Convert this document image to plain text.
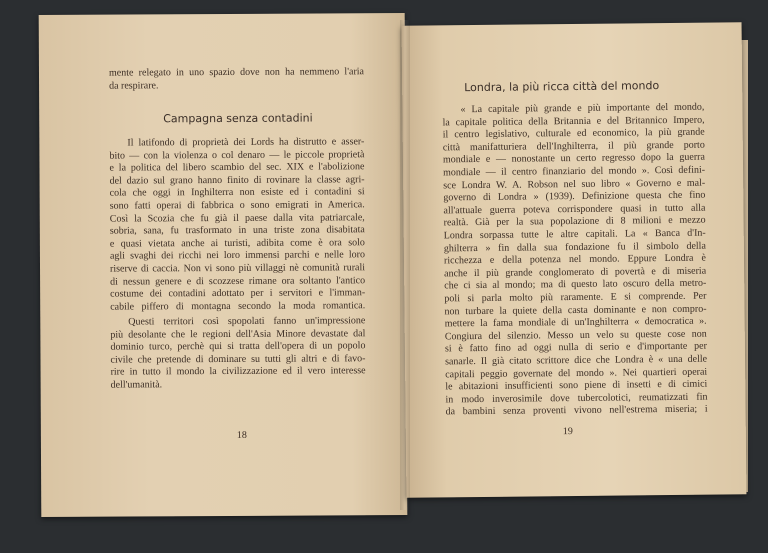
Campagna senza contadini
18
mente relegato in uno spazio dove non ha nemmeno l'aria
da respirare.
Il latifondo di proprietà dei Lords ha distrutto e asser-
bito — con la violenza o col denaro — le piccole proprietà
e la politica del libero scambio del sec. XIX e l'abolizione
del dazio sul grano hanno finito di rovinare la classe agri-
cola che oggi in Inghilterra non esiste ed i contadini si
sono fatti operai di fabbrica o sono emigrati in America.
Così la Scozia che fu già il paese dalla vita patriarcale,
sobria, sana, fu trasformato in una triste zona disabitata
e quasi vietata anche ai turisti, adibita come è ora solo
agli svaghi dei ricchi nei loro immensi parchi e nelle loro
riserve di caccia. Non vi sono più villaggi nè comunità rurali
di nessun genere e di scozzese rimane ora soltanto l'antico
costume dei contadini adottato per i servitori e l'imman-
cabile piffero di montagna secondo la moda romantica.
Questi territori così spopolati fanno un'impressione
più desolante che le regioni dell'Asia Minore devastate dal
dominio turco, perchè qui si tratta dell'opera di un popolo
civile che pretende di dominare su tutti gli altri e di favo-
rire in tutto il mondo la civilizzazione ed il vero interesse
dell'umanità.
Londra, la più ricca città del mondo
19
« La capitale più grande e più importante del mondo,
la capitale politica della Britannia e del Britannico Impero,
il centro legislativo, culturale ed economico, la più grande
città manifatturiera dell'Inghilterra, il più grande porto
mondiale e — nonostante un certo regresso dopo la guerra
mondiale — il centro finanziario del mondo ». Così defini-
sce Londra W. A. Robson nel suo libro « Governo e mal-
governo di Londra » (1939). Definizione questa che fino
all'attuale guerra poteva corrispondere quasi in tutto alla
realtà. Già per la sua popolazione di 8 milioni e mezzo
Londra sorpassa tutte le altre capitali. La « Banca d'In-
ghilterra » fin dalla sua fondazione fu il simbolo della
ricchezza e della potenza nel mondo. Eppure Londra è
anche il più grande conglomerato di povertà e di miseria
che ci sia al mondo; ma di questo lato oscuro della metro-
poli si parla molto più raramente. E si comprende. Per
non turbare la quiete della casta dominante e non compro-
mettere la fama mondiale di un'Inghilterra « democratica ».
Congiura del silenzio. Messo un velo su queste cose non
si è fatto fino ad oggi nulla di serio e d'importante per
sanarle. Il già citato scrittore dice che Londra è « una delle
capitali peggio governate del mondo ». Nei quartieri operai
le abitazioni insufficienti sono piene di insetti e di cimici
in modo inverosimile dove tubercolotici, reumatizzati fin
da bambini senza proventi vivono nell'estrema miseria; i
